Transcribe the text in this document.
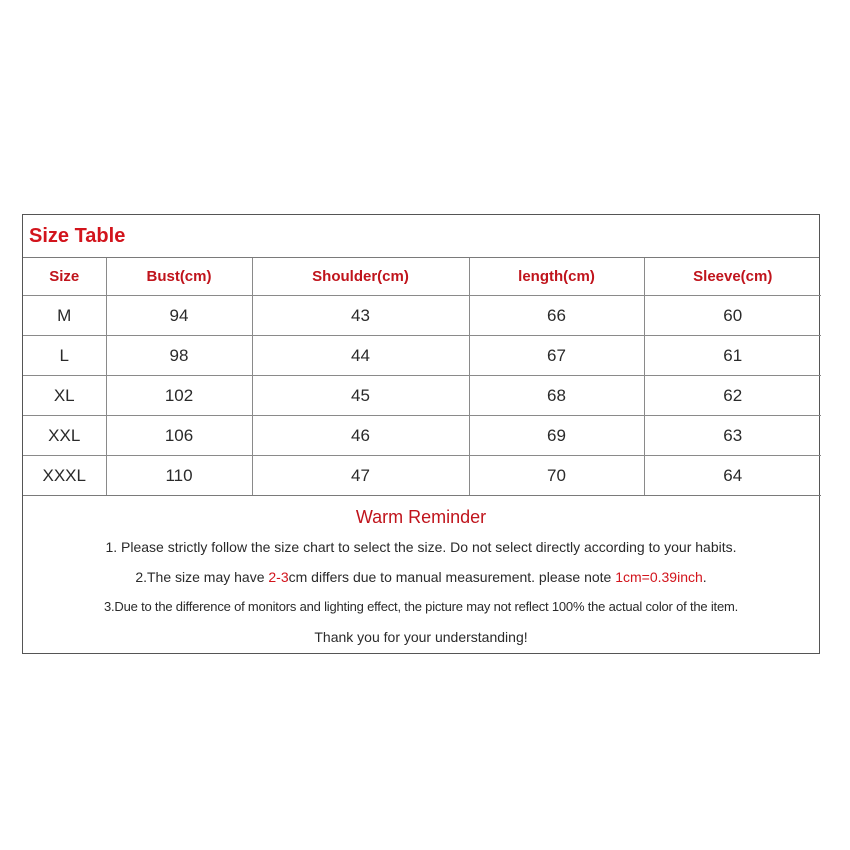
Size Table
Size	Bust(cm)	Shoulder(cm)	length(cm)	Sleeve(cm)
M	94	43	66	60
L	98	44	67	61
XL	102	45	68	62
XXL	106	46	69	63
XXXL	110	47	70	64
Warm Reminder
1. Please strictly follow the size chart to select the size. Do not select directly according to your habits.
2.The size may have 2-3cm differs due to manual measurement. please note 1cm=0.39inch.
3.Due to the difference of monitors and lighting effect, the picture may not reflect 100% the actual color of the item.
Thank you for your understanding!
